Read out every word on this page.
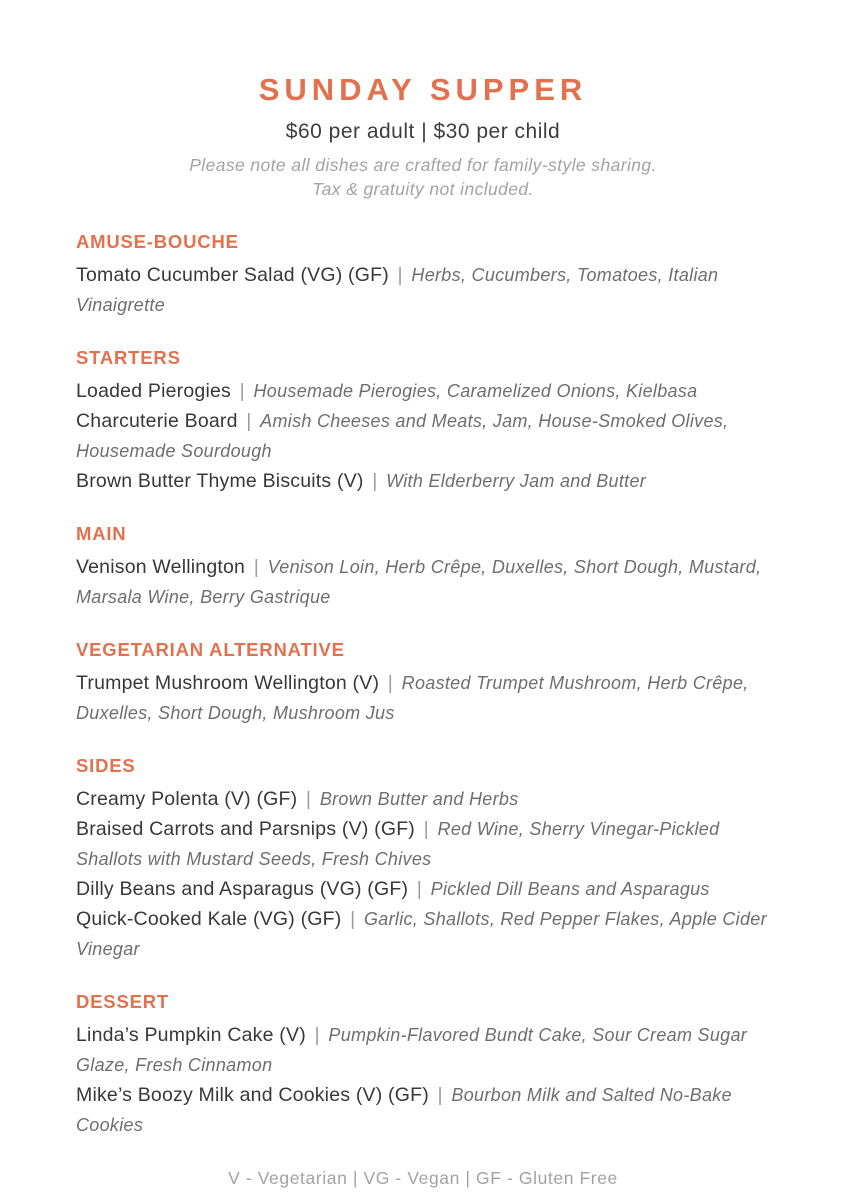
SUNDAY SUPPER

$60 per adult | $30 per child

Please note all dishes are crafted for family-style sharing.

Tax & gratuity not included.

AMUSE-BOUCHE

Tomato Cucumber Salad (VG) (GF) | Herbs, Cucumbers, Tomatoes, Italian Vinaigrette

STARTERS

Loaded Pierogies | Housemade Pierogies, Caramelized Onions, Kielbasa

Charcuterie Board | Amish Cheeses and Meats, Jam, House-Smoked Olives, Housemade Sourdough

Brown Butter Thyme Biscuits (V) | With Elderberry Jam and Butter

MAIN

Venison Wellington | Venison Loin, Herb Crêpe, Duxelles, Short Dough, Mustard, Marsala Wine, Berry Gastrique

VEGETARIAN ALTERNATIVE

Trumpet Mushroom Wellington (V) | Roasted Trumpet Mushroom, Herb Crêpe, Duxelles, Short Dough, Mushroom Jus

SIDES

Creamy Polenta (V) (GF) | Brown Butter and Herbs

Braised Carrots and Parsnips (V) (GF) | Red Wine, Sherry Vinegar-Pickled Shallots with Mustard Seeds, Fresh Chives

Dilly Beans and Asparagus (VG) (GF) | Pickled Dill Beans and Asparagus

Quick-Cooked Kale (VG) (GF) | Garlic, Shallots, Red Pepper Flakes, Apple Cider Vinegar

DESSERT

Linda’s Pumpkin Cake (V) | Pumpkin-Flavored Bundt Cake, Sour Cream Sugar Glaze, Fresh Cinnamon

Mike’s Boozy Milk and Cookies (V) (GF) | Bourbon Milk and Salted No-Bake Cookies

V - Vegetarian | VG - Vegan | GF - Gluten Free
